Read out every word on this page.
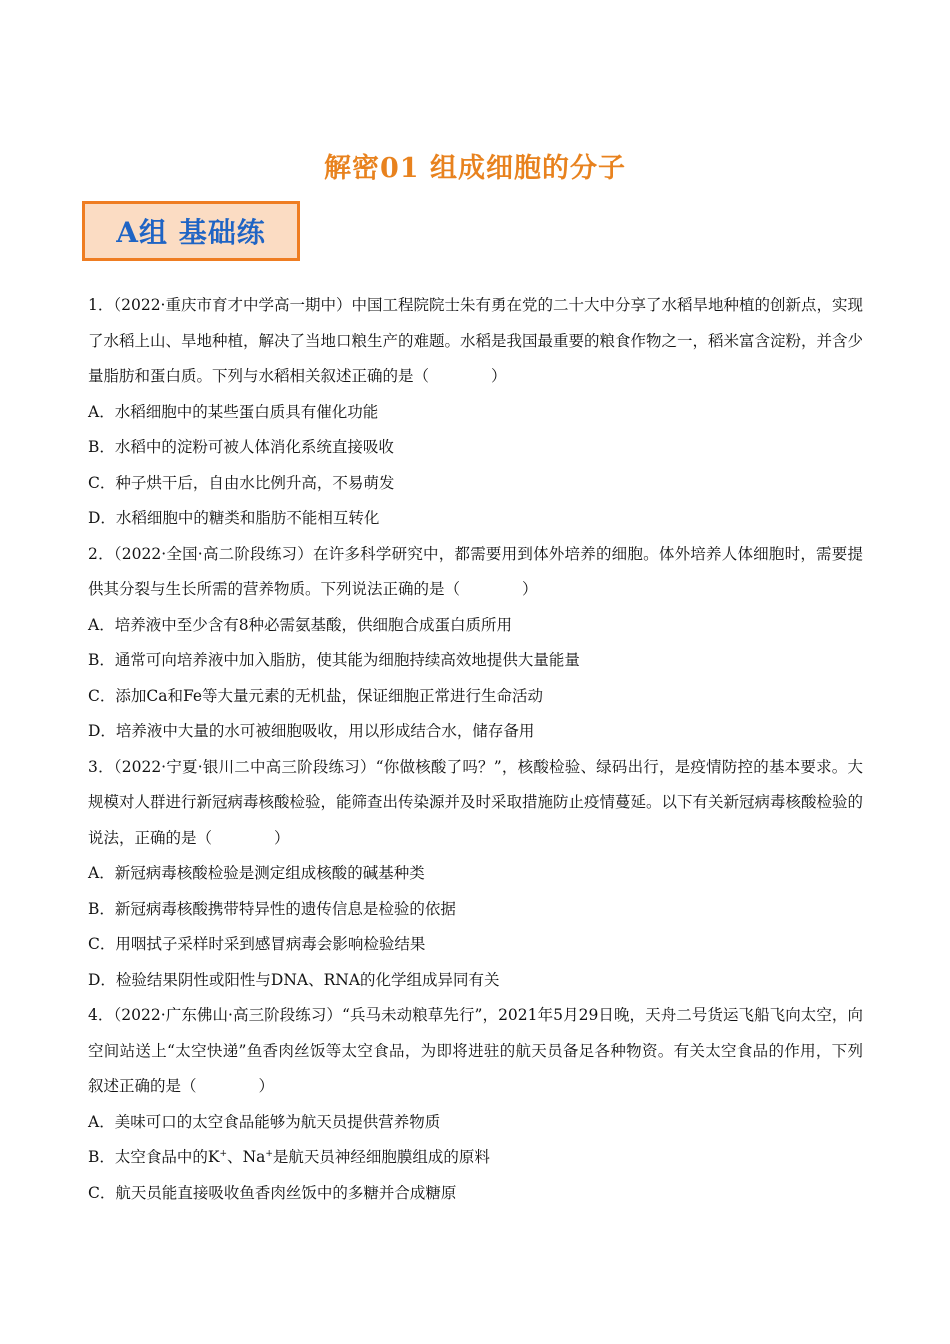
解密01 组成细胞的分子
A组 基础练
1．（2022·重庆市育才中学高一期中）中国工程院院士朱有勇在党的二十大中分享了水稻旱地种植的创新点，实现了水稻上山、旱地种植，解决了当地口粮生产的难题。水稻是我国最重要的粮食作物之一，稻米富含淀粉，并含少量脂肪和蛋白质。下列与水稻相关叙述正确的是（　　　　）
A．水稻细胞中的某些蛋白质具有催化功能
B．水稻中的淀粉可被人体消化系统直接吸收
C．种子烘干后，自由水比例升高，不易萌发
D．水稻细胞中的糖类和脂肪不能相互转化
2．（2022·全国·高二阶段练习）在许多科学研究中，都需要用到体外培养的细胞。体外培养人体细胞时，需要提供其分裂与生长所需的营养物质。下列说法正确的是（　　　　）
A．培养液中至少含有8种必需氨基酸，供细胞合成蛋白质所用
B．通常可向培养液中加入脂肪，使其能为细胞持续高效地提供大量能量
C．添加Ca和Fe等大量元素的无机盐，保证细胞正常进行生命活动
D．培养液中大量的水可被细胞吸收，用以形成结合水，储存备用
3．（2022·宁夏·银川二中高三阶段练习）“你做核酸了吗？”，核酸检验、绿码出行，是疫情防控的基本要求。大规模对人群进行新冠病毒核酸检验，能筛查出传染源并及时采取措施防止疫情蔓延。以下有关新冠病毒核酸检验的说法，正确的是（　　　　）
A．新冠病毒核酸检验是测定组成核酸的碱基种类
B．新冠病毒核酸携带特异性的遗传信息是检验的依据
C．用咽拭子采样时采到感冒病毒会影响检验结果
D．检验结果阴性或阳性与DNA、RNA的化学组成异同有关
4．（2022·广东佛山·高三阶段练习）“兵马未动粮草先行”，2021年5月29日晚，天舟二号货运飞船飞向太空，向空间站送上“太空快递”鱼香肉丝饭等太空食品，为即将进驻的航天员备足各种物资。有关太空食品的作用，下列叙述正确的是（　　　　）
A．美味可口的太空食品能够为航天员提供营养物质
B．太空食品中的K+、Na+是航天员神经细胞膜组成的原料
C．航天员能直接吸收鱼香肉丝饭中的多糖并合成糖原
